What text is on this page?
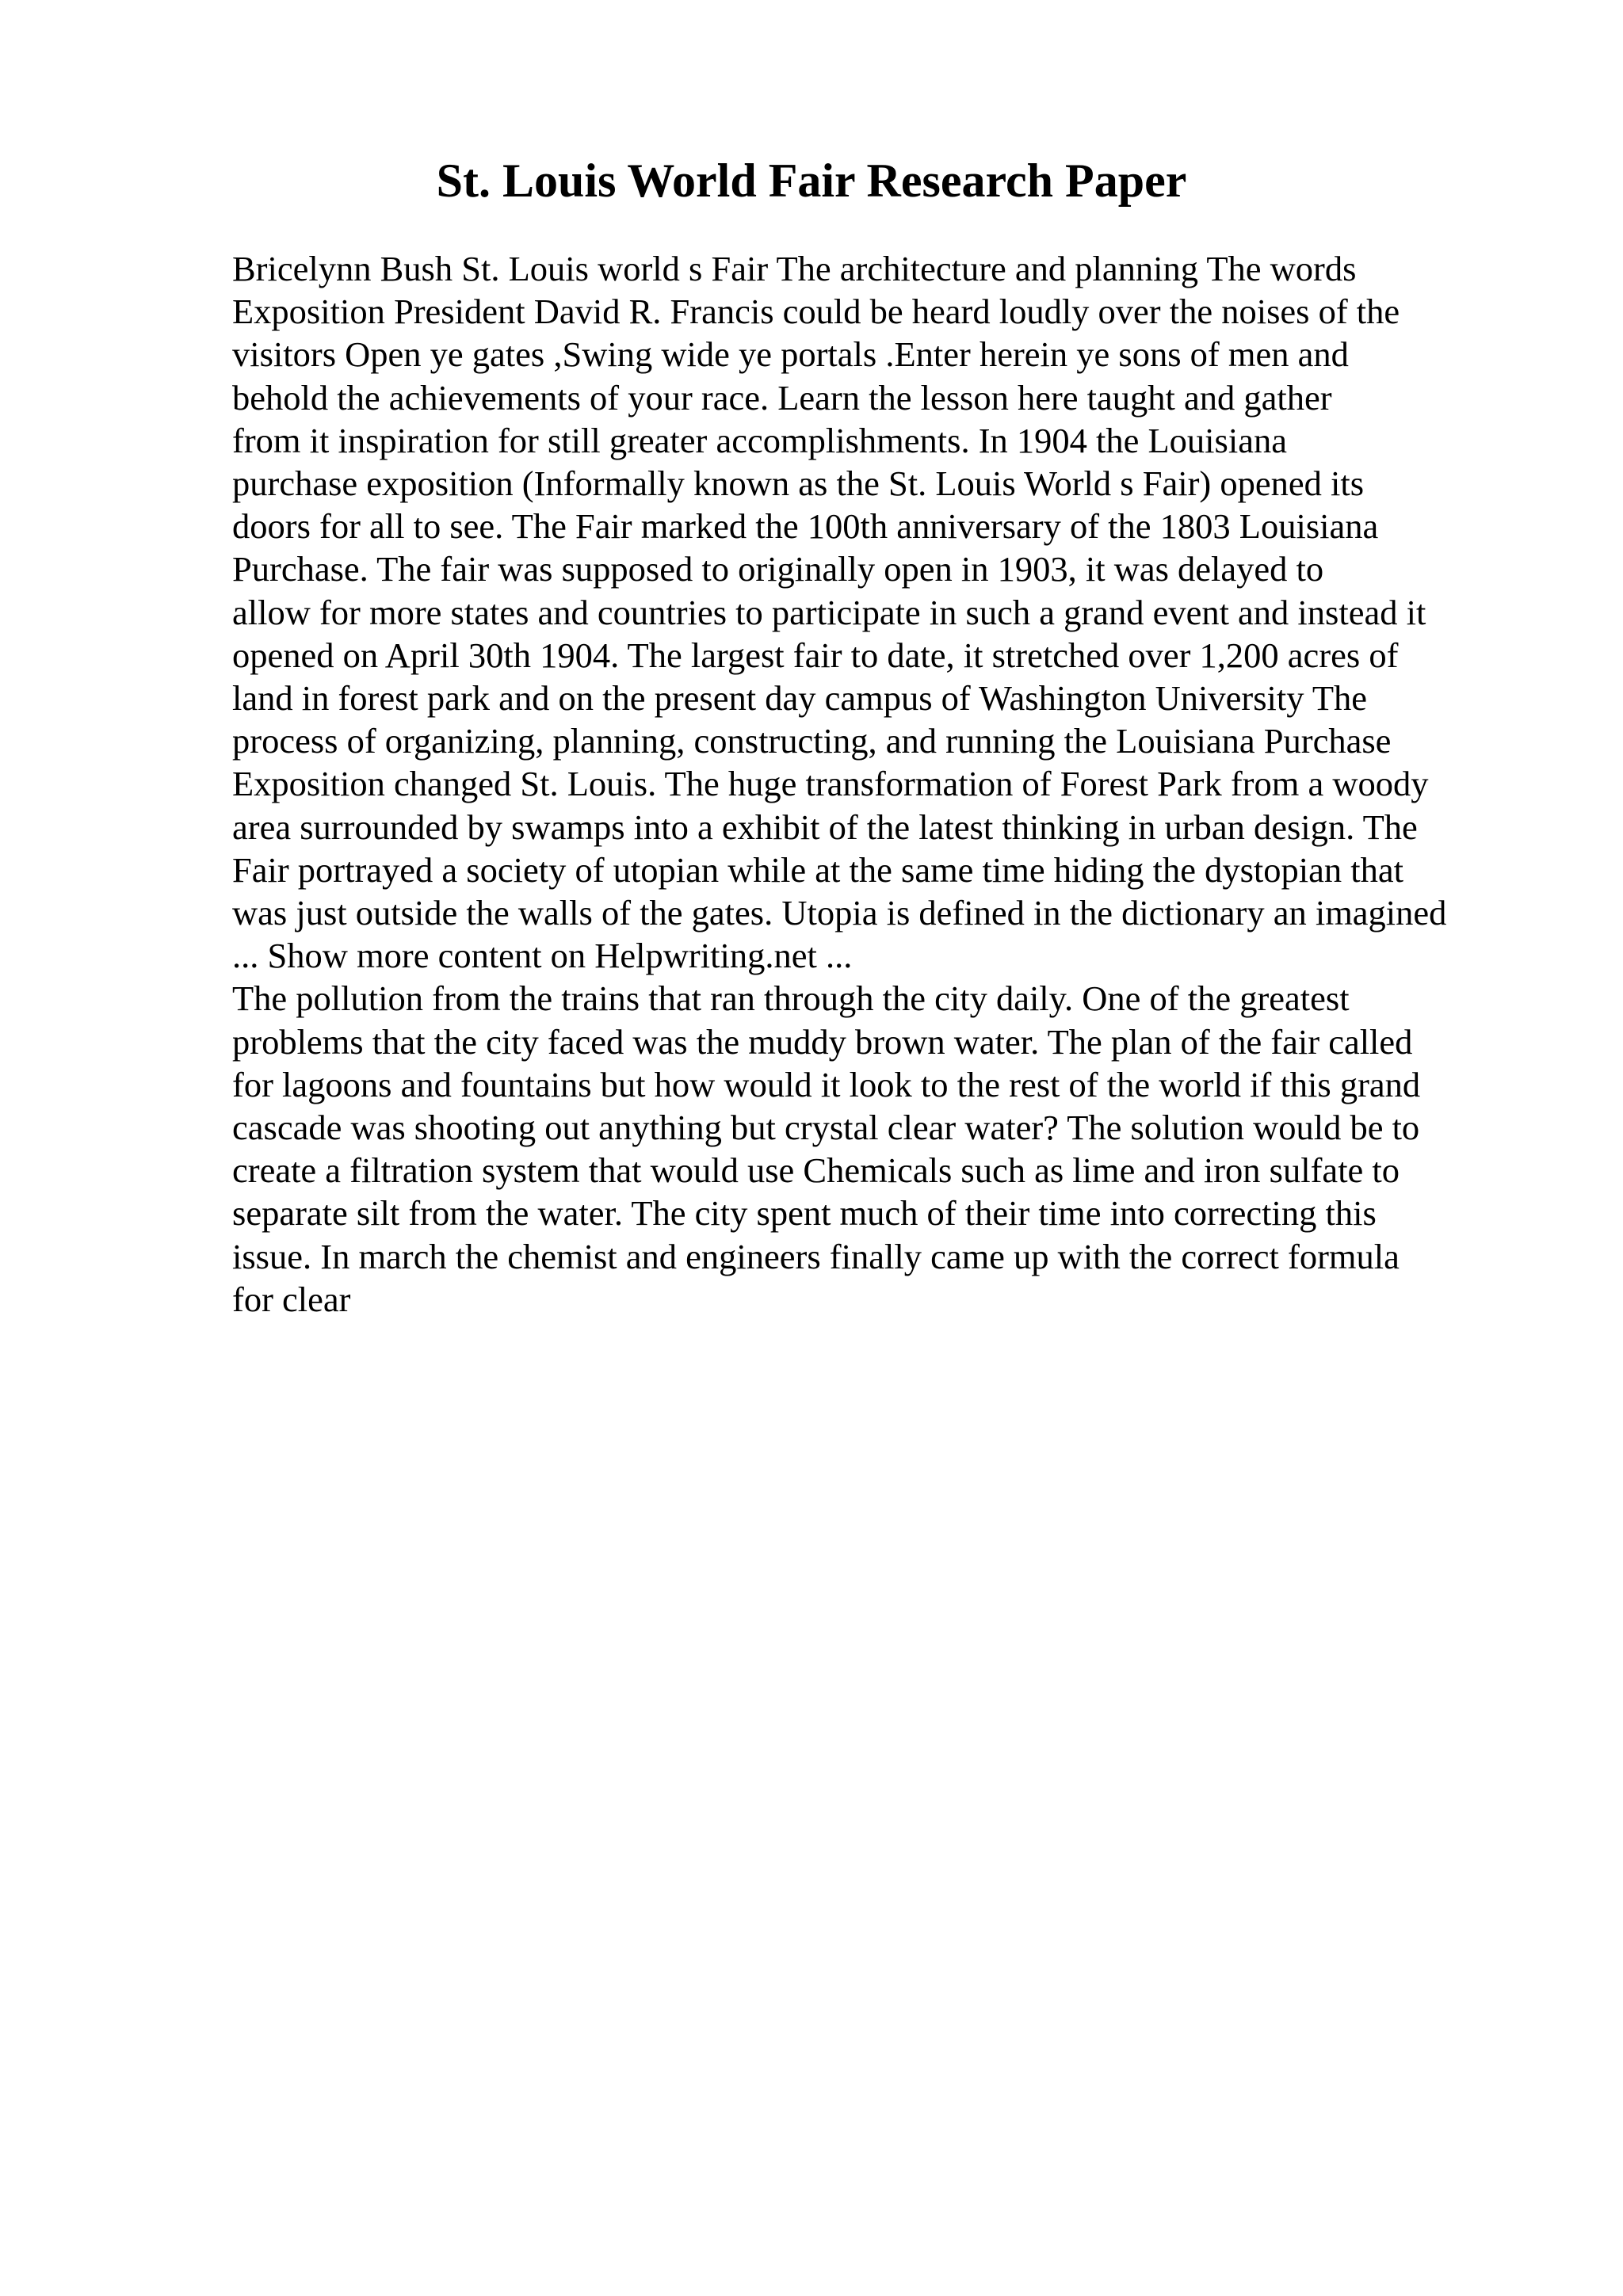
St. Louis World Fair Research Paper
Bricelynn Bush St. Louis world s Fair The architecture and planning The words
Exposition President David R. Francis could be heard loudly over the noises of the
visitors Open ye gates ,Swing wide ye portals .Enter herein ye sons of men and
behold the achievements of your race. Learn the lesson here taught and gather
from it inspiration for still greater accomplishments. In 1904 the Louisiana
purchase exposition (Informally known as the St. Louis World s Fair) opened its
doors for all to see. The Fair marked the 100th anniversary of the 1803 Louisiana
Purchase. The fair was supposed to originally open in 1903, it was delayed to
allow for more states and countries to participate in such a grand event and instead it
opened on April 30th 1904. The largest fair to date, it stretched over 1,200 acres of
land in forest park and on the present day campus of Washington University The
process of organizing, planning, constructing, and running the Louisiana Purchase
Exposition changed St. Louis. The huge transformation of Forest Park from a woody
area surrounded by swamps into a exhibit of the latest thinking in urban design. The
Fair portrayed a society of utopian while at the same time hiding the dystopian that
was just outside the walls of the gates. Utopia is defined in the dictionary an imagined
... Show more content on Helpwriting.net ...
The pollution from the trains that ran through the city daily. One of the greatest
problems that the city faced was the muddy brown water. The plan of the fair called
for lagoons and fountains but how would it look to the rest of the world if this grand
cascade was shooting out anything but crystal clear water? The solution would be to
create a filtration system that would use Chemicals such as lime and iron sulfate to
separate silt from the water. The city spent much of their time into correcting this
issue. In march the chemist and engineers finally came up with the correct formula
for clear
